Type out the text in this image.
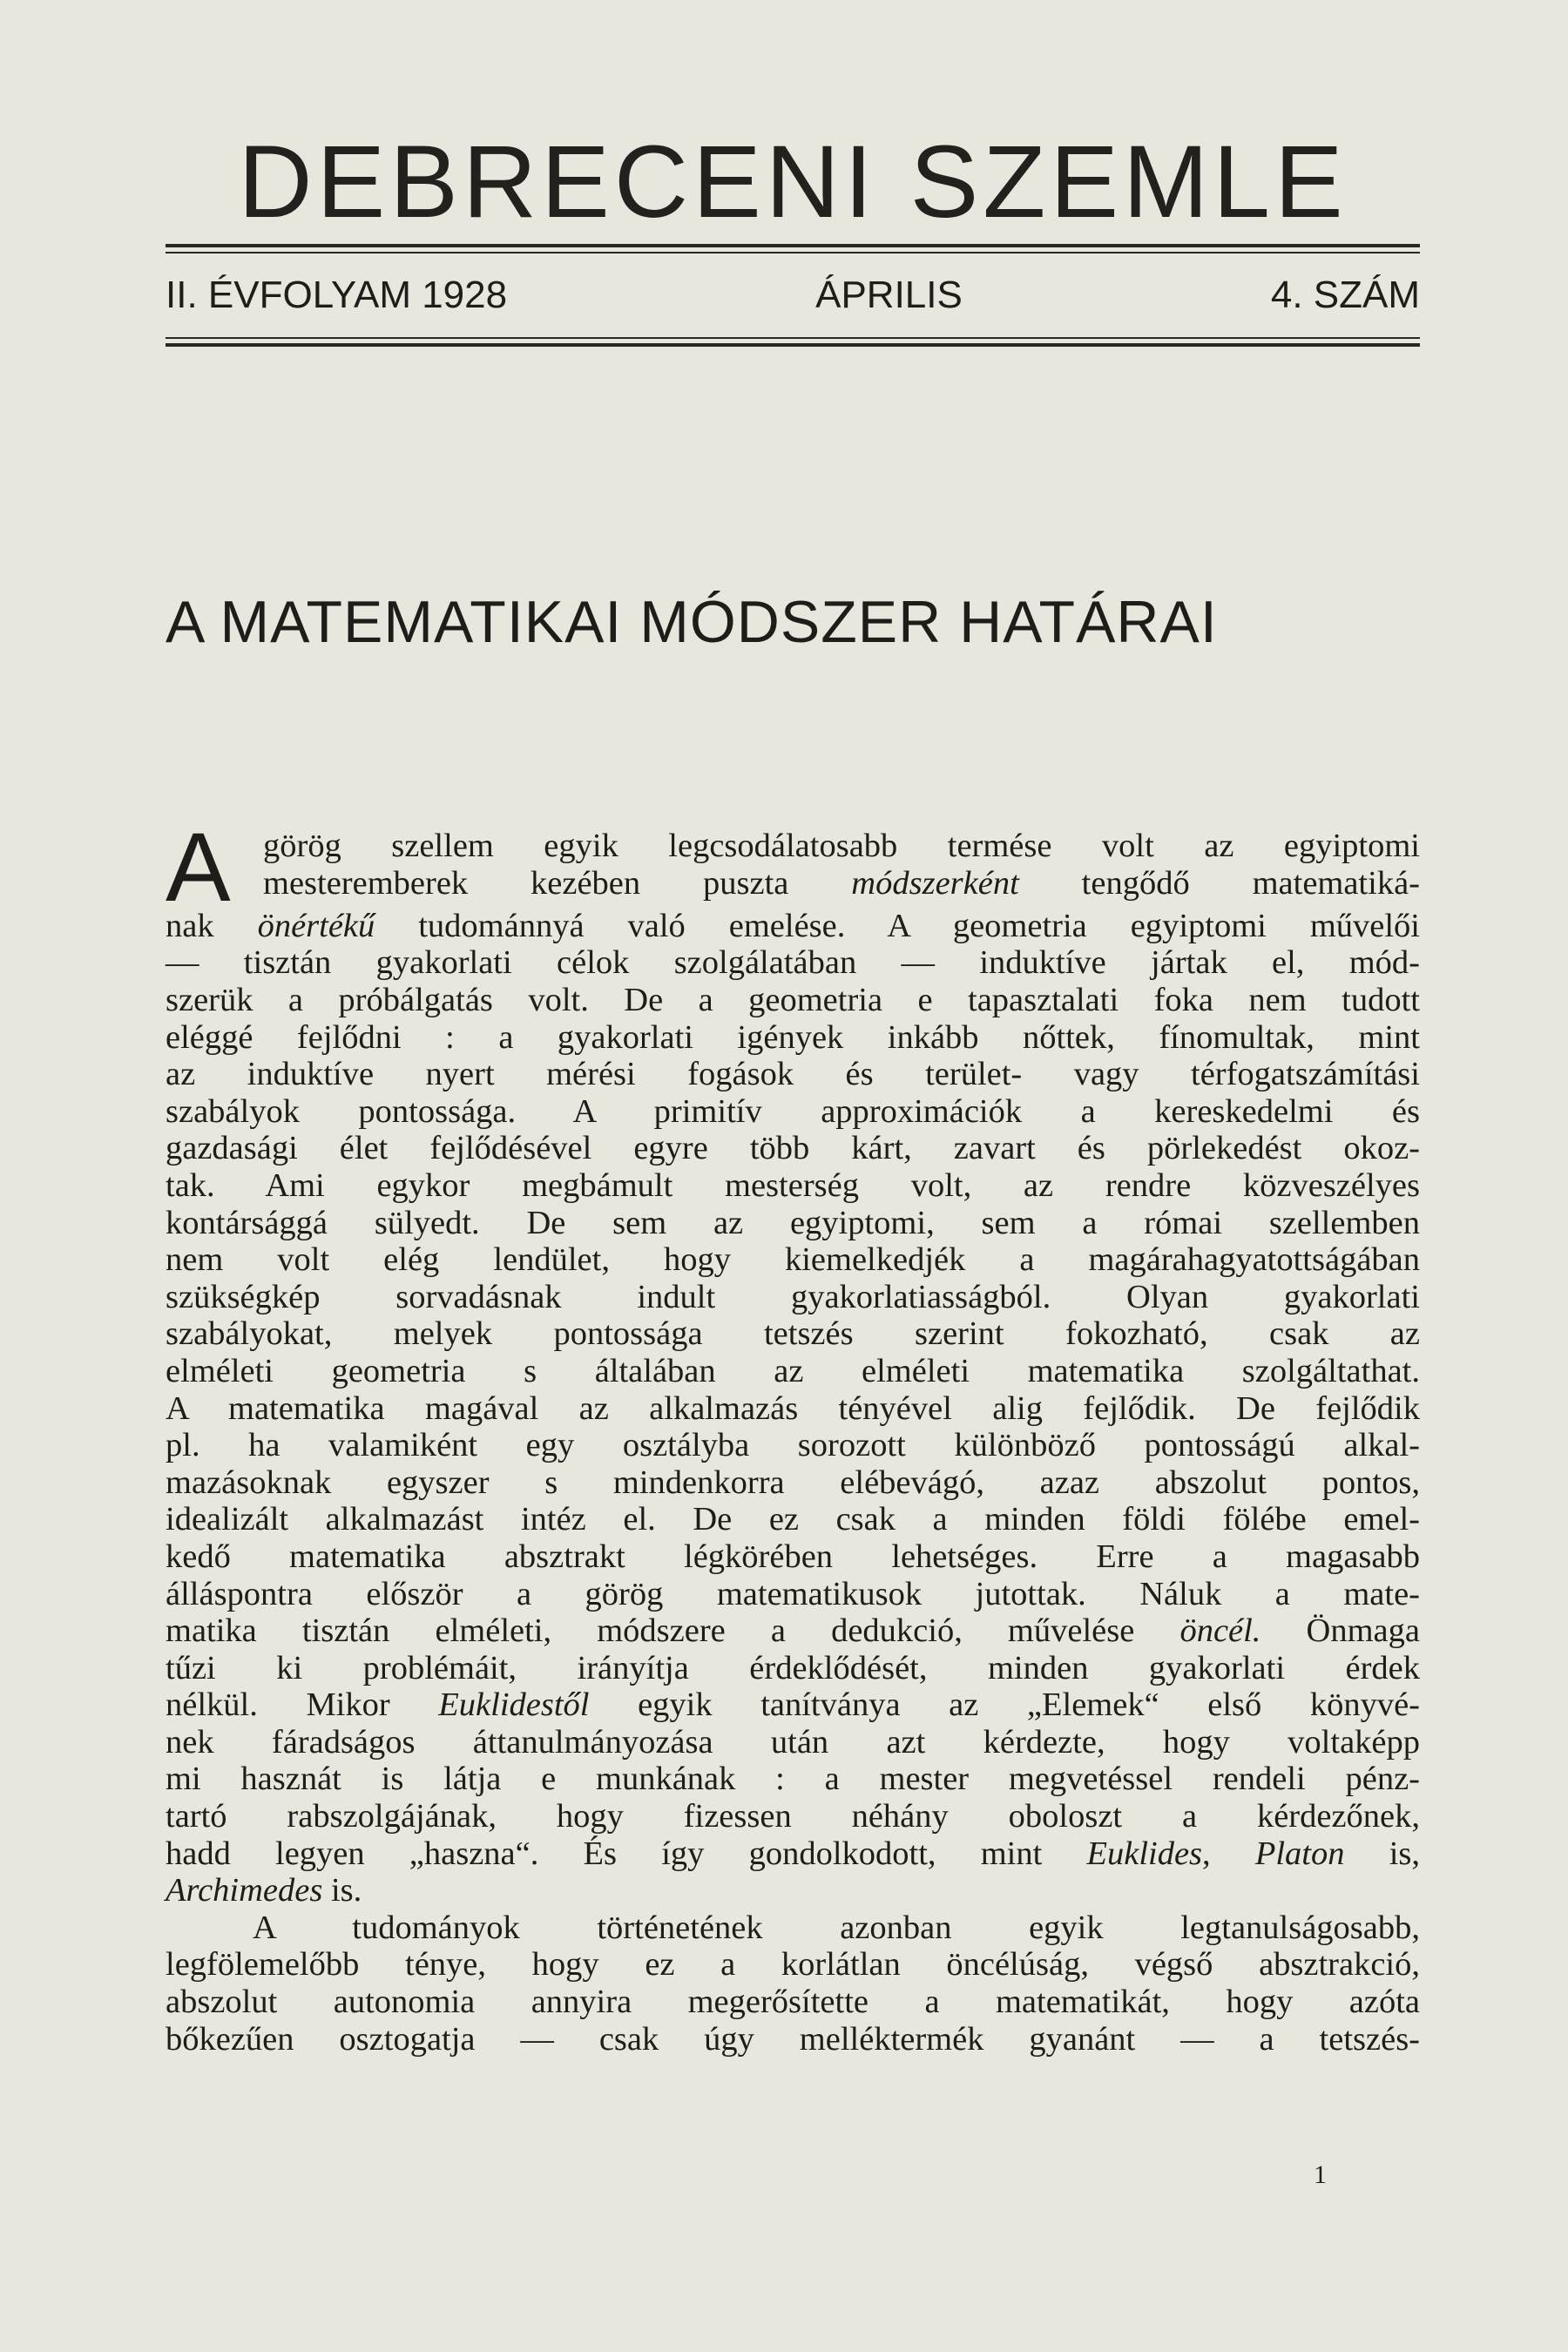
DEBRECENI SZEMLE
II. ÉVFOLYAM 1928	ÁPRILIS	4. SZÁM
A MATEMATIKAI MÓDSZER HATÁRAI

A görög szellem egyik legcsodálatosabb termése volt az egyiptomi
mesteremberek kezében puszta módszerként tengődő matematiká-
nak önértékű tudománnyá való emelése. A geometria egyiptomi művelői
— tisztán gyakorlati célok szolgálatában — induktíve jártak el, mód-
szerük a próbálgatás volt. De a geometria e tapasztalati foka nem tudott
eléggé fejlődni : a gyakorlati igények inkább nőttek, fínomultak, mint
az induktíve nyert mérési fogások és terület- vagy térfogatszámítási
szabályok pontossága. A primitív approximációk a kereskedelmi és
gazdasági élet fejlődésével egyre több kárt, zavart és pörlekedést okoz-
tak. Ami egykor megbámult mesterség volt, az rendre közveszélyes
kontársággá sülyedt. De sem az egyiptomi, sem a római szellemben
nem volt elég lendület, hogy kiemelkedjék a magárahagyatottságában
szükségkép sorvadásnak indult gyakorlatiasságból. Olyan gyakorlati
szabályokat, melyek pontossága tetszés szerint fokozható, csak az
elméleti geometria s általában az elméleti matematika szolgáltathat.
A matematika magával az alkalmazás tényével alig fejlődik. De fejlődik
pl. ha valamiként egy osztályba sorozott különböző pontosságú alkal-
mazásoknak egyszer s mindenkorra elébevágó, azaz abszolut pontos,
idealizált alkalmazást intéz el. De ez csak a minden földi fölébe emel-
kedő matematika absztrakt légkörében lehetséges. Erre a magasabb
álláspontra először a görög matematikusok jutottak. Náluk a mate-
matika tisztán elméleti, módszere a dedukció, művelése öncél. Önmaga
tűzi ki problémáit, irányítja érdeklődését, minden gyakorlati érdek
nélkül. Mikor Euklidestől egyik tanítványa az „Elemek“ első könyvé-
nek fáradságos áttanulmányozása után azt kérdezte, hogy voltaképp
mi hasznát is látja e munkának : a mester megvetéssel rendeli pénz-
tartó rabszolgájának, hogy fizessen néhány oboloszt a kérdezőnek,
hadd legyen „haszna“. És így gondolkodott, mint Euklides, Platon is,
Archimedes is.

A tudományok történetének azonban egyik legtanulságosabb,
legfölemelőbb ténye, hogy ez a korlátlan öncélúság, végső absztrakció,
abszolut autonomia annyira megerősítette a matematikát, hogy azóta
bőkezűen osztogatja — csak úgy melléktermék gyanánt — a tetszés-

1
